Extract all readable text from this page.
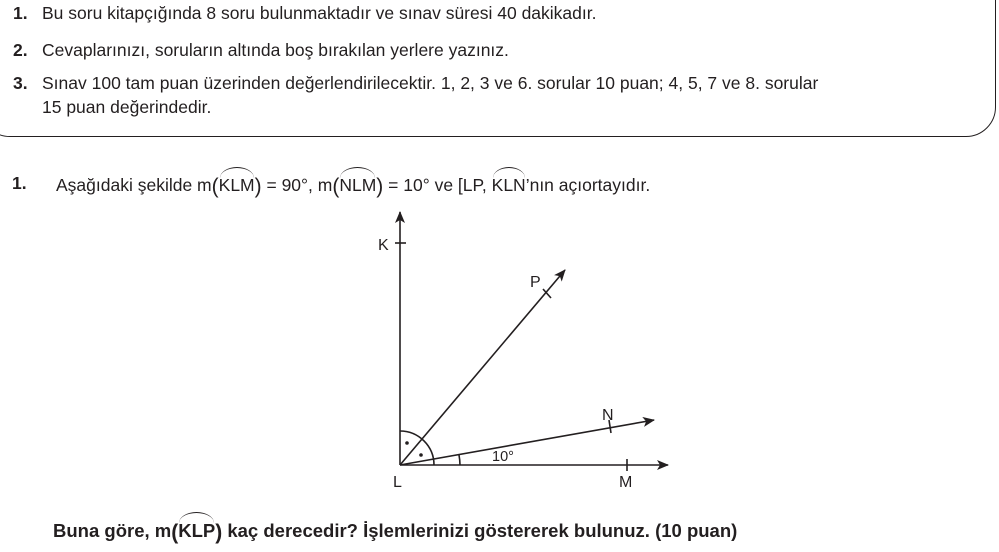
1. Bu soru kitapçığında 8 soru bulunmaktadır ve sınav süresi 40 dakikadır.
2. Cevaplarınızı, soruların altında boş bırakılan yerlere yazınız.
3. Sınav 100 tam puan üzerinden değerlendirilecektir. 1, 2, 3 ve 6. sorular 10 puan; 4, 5, 7 ve 8. sorular
15 puan değerindedir.
1. Aşağıdaki şekilde m(KLM) = 90°, m(NLM) = 10° ve [LP, KLN’nın açıortayıdır.
K
P
N
L	M
10°
Buna göre, m(KLP) kaç derecedir? İşlemlerinizi göstererek bulunuz. (10 puan)
